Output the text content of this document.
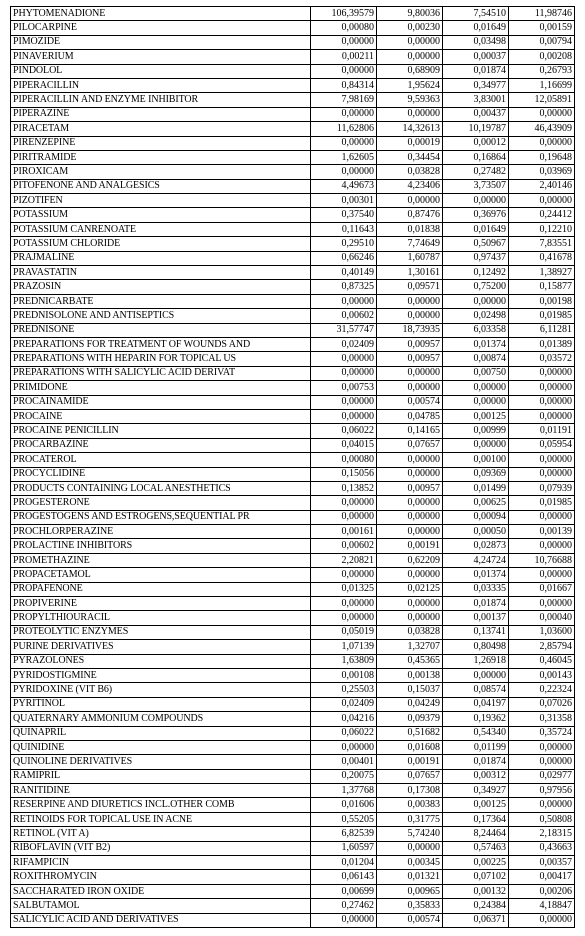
PHYTOMENADIONE	106,39579	9,80036	7,54510	11,98746
PILOCARPINE	0,00080	0,00230	0,01649	0,00159
PIMOZIDE	0,00000	0,00000	0,03498	0,00794
PINAVERIUM	0,00211	0,00000	0,00037	0,00208
PINDOLOL	0,00000	0,68909	0,01874	0,26793
PIPERACILLIN	0,84314	1,95624	0,34977	1,16699
PIPERACILLIN AND ENZYME INHIBITOR	7,98169	9,59363	3,83001	12,05891
PIPERAZINE	0,00000	0,00000	0,00437	0,00000
PIRACETAM	11,62806	14,32613	10,19787	46,43909
PIRENZEPINE	0,00000	0,00019	0,00012	0,00000
PIRITRAMIDE	1,62605	0,34454	0,16864	0,19648
PIROXICAM	0,00000	0,03828	0,27482	0,03969
PITOFENONE AND ANALGESICS	4,49673	4,23406	3,73507	2,40146
PIZOTIFEN	0,00301	0,00000	0,00000	0,00000
POTASSIUM	0,37540	0,87476	0,36976	0,24412
POTASSIUM CANRENOATE	0,11643	0,01838	0,01649	0,12210
POTASSIUM CHLORIDE	0,29510	7,74649	0,50967	7,83551
PRAJMALINE	0,66246	1,60787	0,97437	0,41678
PRAVASTATIN	0,40149	1,30161	0,12492	1,38927
PRAZOSIN	0,87325	0,09571	0,75200	0,15877
PREDNICARBATE	0,00000	0,00000	0,00000	0,00198
PREDNISOLONE AND ANTISEPTICS	0,00602	0,00000	0,02498	0,01985
PREDNISONE	31,57747	18,73935	6,03358	6,11281
PREPARATIONS FOR TREATMENT OF WOUNDS AND	0,02409	0,00957	0,01374	0,01389
PREPARATIONS WITH HEPARIN FOR TOPICAL US	0,00000	0,00957	0,00874	0,03572
PREPARATIONS WITH SALICYLIC ACID DERIVAT	0,00000	0,00000	0,00750	0,00000
PRIMIDONE	0,00753	0,00000	0,00000	0,00000
PROCAINAMIDE	0,00000	0,00574	0,00000	0,00000
PROCAINE	0,00000	0,04785	0,00125	0,00000
PROCAINE PENICILLIN	0,06022	0,14165	0,00999	0,01191
PROCARBAZINE	0,04015	0,07657	0,00000	0,05954
PROCATEROL	0,00080	0,00000	0,00100	0,00000
PROCYCLIDINE	0,15056	0,00000	0,09369	0,00000
PRODUCTS CONTAINING LOCAL ANESTHETICS	0,13852	0,00957	0,01499	0,07939
PROGESTERONE	0,00000	0,00000	0,00625	0,01985
PROGESTOGENS AND ESTROGENS,SEQUENTIAL PR	0,00000	0,00000	0,00094	0,00000
PROCHLORPERAZINE	0,00161	0,00000	0,00050	0,00139
PROLACTINE INHIBITORS	0,00602	0,00191	0,02873	0,00000
PROMETHAZINE	2,20821	0,62209	4,24724	10,76688
PROPACETAMOL	0,00000	0,00000	0,01374	0,00000
PROPAFENONE	0,01325	0,02125	0,03335	0,01667
PROPIVERINE	0,00000	0,00000	0,01874	0,00000
PROPYLTHIOURACIL	0,00000	0,00000	0,00137	0,00040
PROTEOLYTIC ENZYMES	0,05019	0,03828	0,13741	1,03600
PURINE DERIVATIVES	1,07139	1,32707	0,80498	2,85794
PYRAZOLONES	1,63809	0,45365	1,26918	0,46045
PYRIDOSTIGMINE	0,00108	0,00138	0,00000	0,00143
PYRIDOXINE (VIT B6)	0,25503	0,15037	0,08574	0,22324
PYRITINOL	0,02409	0,04249	0,04197	0,07026
QUATERNARY AMMONIUM COMPOUNDS	0,04216	0,09379	0,19362	0,31358
QUINAPRIL	0,06022	0,51682	0,54340	0,35724
QUINIDINE	0,00000	0,01608	0,01199	0,00000
QUINOLINE DERIVATIVES	0,00401	0,00191	0,01874	0,00000
RAMIPRIL	0,20075	0,07657	0,00312	0,02977
RANITIDINE	1,37768	0,17308	0,34927	0,97956
RESERPINE AND DIURETICS INCL.OTHER COMB	0,01606	0,00383	0,00125	0,00000
RETINOIDS FOR TOPICAL USE IN ACNE	0,55205	0,31775	0,17364	0,50808
RETINOL (VIT A)	6,82539	5,74240	8,24464	2,18315
RIBOFLAVIN (VIT B2)	1,60597	0,00000	0,57463	0,43663
RIFAMPICIN	0,01204	0,00345	0,00225	0,00357
ROXITHROMYCIN	0,06143	0,01321	0,07102	0,00417
SACCHARATED IRON OXIDE	0,00699	0,00965	0,00132	0,00206
SALBUTAMOL	0,27462	0,35833	0,24384	4,18847
SALICYLIC ACID AND DERIVATIVES	0,00000	0,00574	0,06371	0,00000
